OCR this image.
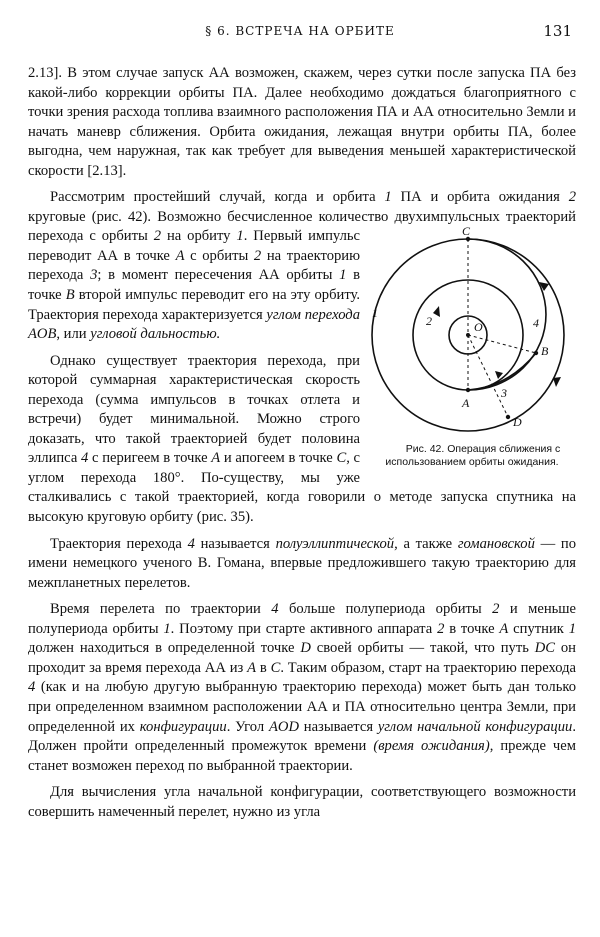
§ 6. ВСТРЕЧА НА ОРБИТЕ	131

2.13]. В этом случае запуск АА возможен, скажем, через сутки после запуска ПА без какой-либо коррекции орбиты ПА. Далее необходимо дождаться благоприятного с точки зрения расхода топлива взаимного расположения ПА и АА относительно Земли и начать маневр сближения. Орбита ожидания, лежащая внутри орбиты ПА, более выгодна, чем наружная, так как требует для выведения меньшей характеристической скорости [2.13].

Рассмотрим простейший случай, когда и орбита 1 ПА и орбита ожидания 2 круговые (рис. 42). Возможно бесчисленное количество двухимпульсных траекторий перехода с орбиты	C
O
A
B
D
1
2
3
4
Рис. 42. Операция сближения с использованием орбиты ожидания.
2 на орбиту 1. Первый импульс переводит АА в точке A с орбиты 2 на траекторию перехода 3; в момент пересечения АА орбиты 1 в точке B второй импульс переводит его на эту орбиту. Траектория перехода характеризуется углом перехода AOB, или угловой дальностью.

Однако существует траектория перехода, при которой суммарная характеристическая скорость перехода (сумма импульсов в точках отлета и встречи) будет минимальной. Можно строго доказать, что такой траекторией будет половина эллипса 4 с перигеем в точке A и апогеем в точке C, с углом перехода 180°. По-существу, мы уже сталкивались с такой траекторией, когда говорили о методе запуска спутника на высокую круговую орбиту (рис. 35).

Траектория перехода 4 называется полуэллиптической, а также гомановской — по имени немецкого ученого В. Гомана, впервые предложившего такую траекторию для межпланетных перелетов.

Время перелета по траектории 4 больше полупериода орбиты 2 и меньше полупериода орбиты 1. Поэтому при старте активного аппарата 2 в точке A спутник 1 должен находиться в определенной точке D своей орбиты — такой, что путь DC он проходит за время перехода АА из A в C. Таким образом, старт на траекторию перехода 4 (как и на любую другую выбранную траекторию перехода) может быть дан только при определенном взаимном расположении АА и ПА относительно центра Земли, при определенной их конфигурации. Угол AOD называется углом начальной конфигурации. Должен пройти определенный промежуток времени (время ожидания), прежде чем станет возможен переход по выбранной траектории.

Для вычисления угла начальной конфигурации, соответствующего возможности совершить намеченный перелет, нужно из угла
